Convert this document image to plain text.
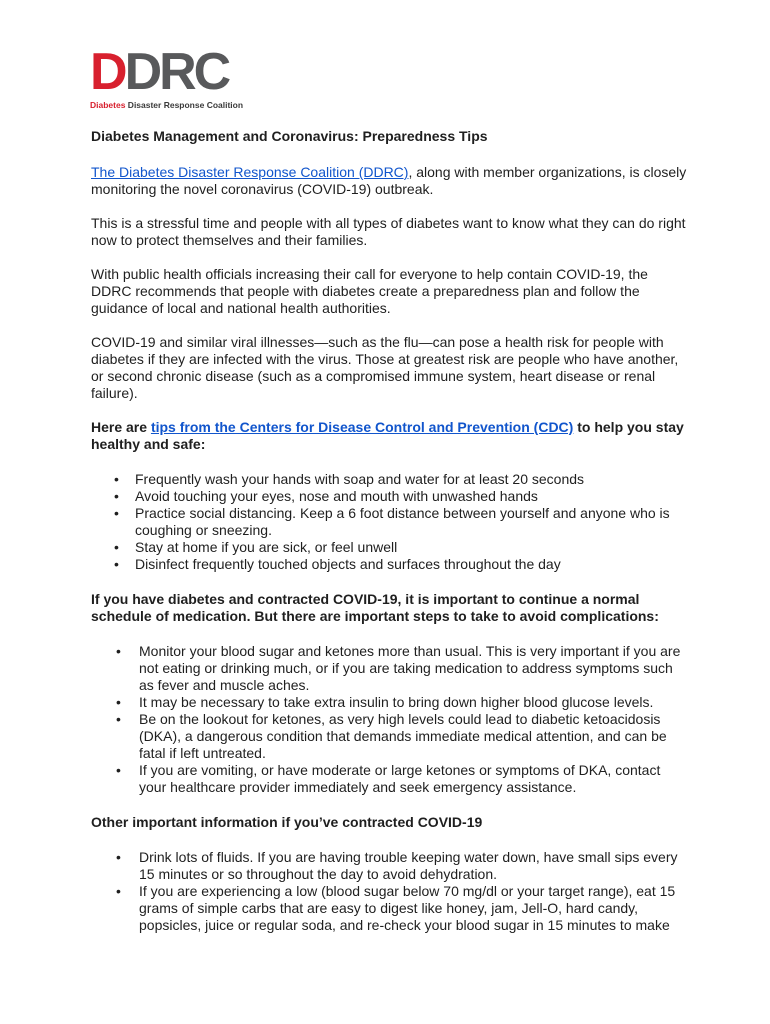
DDRC
Diabetes Disaster Response Coalition
Diabetes Management and Coronavirus: Preparedness Tips

The Diabetes Disaster Response Coalition (DDRC), along with member organizations, is closely monitoring the novel coronavirus (COVID-19) outbreak.

This is a stressful time and people with all types of diabetes want to know what they can do right now to protect themselves and their families.

With public health officials increasing their call for everyone to help contain COVID-19, the DDRC recommends that people with diabetes create a preparedness plan and follow the guidance of local and national health authorities.

COVID-19 and similar viral illnesses—such as the flu—can pose a health risk for people with diabetes if they are infected with the virus. Those at greatest risk are people who have another, or second chronic disease (such as a compromised immune system, heart disease or renal failure).

Here are tips from the Centers for Disease Control and Prevention (CDC) to help you stay healthy and safe:

• Frequently wash your hands with soap and water for at least 20 seconds
• Avoid touching your eyes, nose and mouth with unwashed hands
• Practice social distancing. Keep a 6 foot distance between yourself and anyone who is coughing or sneezing.
• Stay at home if you are sick, or feel unwell
• Disinfect frequently touched objects and surfaces throughout the day

If you have diabetes and contracted COVID-19, it is important to continue a normal schedule of medication. But there are important steps to take to avoid complications:

• Monitor your blood sugar and ketones more than usual. This is very important if you are not eating or drinking much, or if you are taking medication to address symptoms such as fever and muscle aches.
• It may be necessary to take extra insulin to bring down higher blood glucose levels.
• Be on the lookout for ketones, as very high levels could lead to diabetic ketoacidosis (DKA), a dangerous condition that demands immediate medical attention, and can be fatal if left untreated.
• If you are vomiting, or have moderate or large ketones or symptoms of DKA, contact your healthcare provider immediately and seek emergency assistance.

Other important information if you’ve contracted COVID-19

• Drink lots of fluids. If you are having trouble keeping water down, have small sips every 15 minutes or so throughout the day to avoid dehydration.
• If you are experiencing a low (blood sugar below 70 mg/dl or your target range), eat 15 grams of simple carbs that are easy to digest like honey, jam, Jell-O, hard candy, popsicles, juice or regular soda, and re-check your blood sugar in 15 minutes to make
